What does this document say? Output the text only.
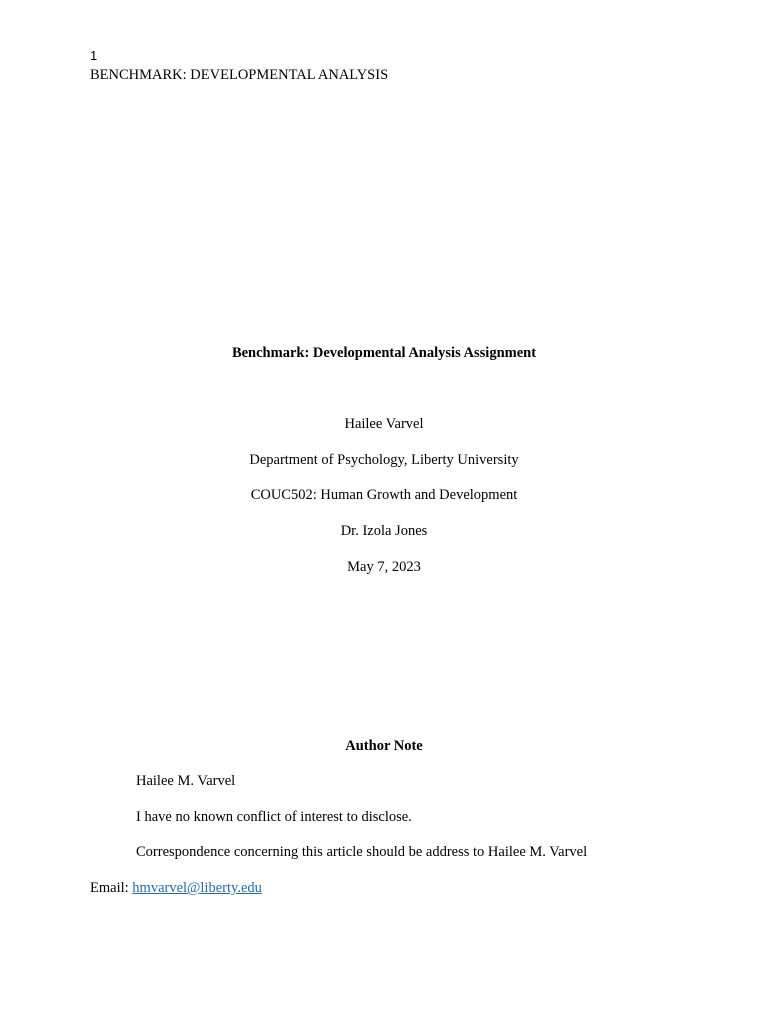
1
BENCHMARK: DEVELOPMENTAL ANALYSIS
Benchmark: Developmental Analysis Assignment
Hailee Varvel
Department of Psychology, Liberty University
COUC502: Human Growth and Development
Dr. Izola Jones
May 7, 2023
Author Note
Hailee M. Varvel
I have no known conflict of interest to disclose.
Correspondence concerning this article should be address to Hailee M. Varvel
Email: hmvarvel@liberty.edu
